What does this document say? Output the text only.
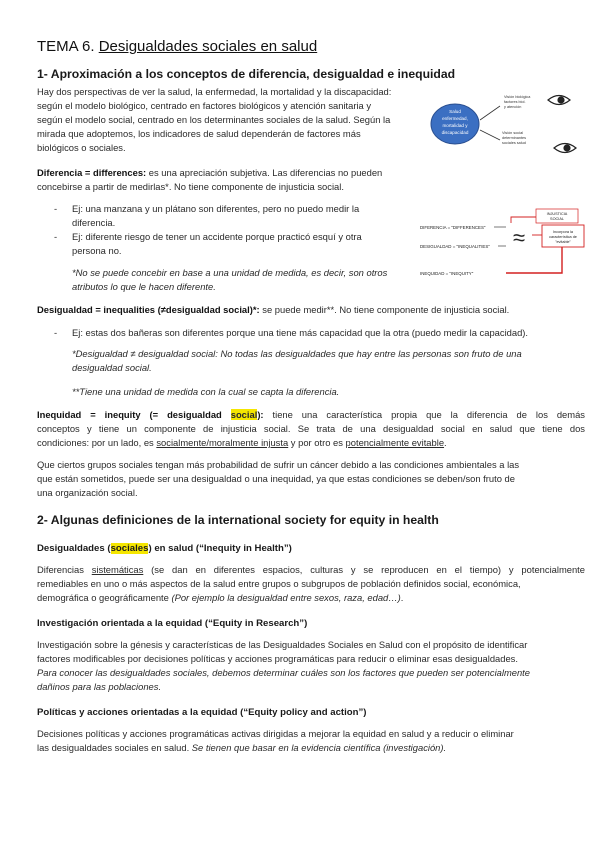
TEMA 6. Desigualdades sociales en salud
1- Aproximación a los conceptos de diferencia, desigualdad e inequidad
Hay dos perspectivas de ver la salud, la enfermedad, la mortalidad y la discapacidad:
según el modelo biológico, centrado en factores biológicos y atención sanitaria y
según el modelo social, centrado en los determinantes sociales de la salud. Según la
mirada que adoptemos, los indicadores de salud dependerán de factores más
biológicos o sociales.
Salud
enfermedad,
mortalidad y
discapacidad
Visión biológica
factores biol.
y atención
Visión social
determinantes
sociales salud
Diferencia = differences: es una apreciación subjetiva. Las diferencias no pueden
concebirse a partir de medirlas*. No tiene componente de injusticia social.
- Ej: una manzana y un plátano son diferentes, pero no puedo medir la
diferencia.
- Ej: diferente riesgo de tener un accidente porque practicó esquí y otra
persona no.
*No se puede concebir en base a una unidad de medida, es decir, son otros
atributos lo que le hacen diferente.
DIFERENCIA = "DIFFERENCES"
DESIGUALDAD = "INEQUALITIES"
INEQUIDAD = "INEQUITY"
≈
INJUSTICIA
SOCIAL
Incorpora la
característica de
"evitable"
Desigualdad = inequalities (≠desigualdad social)*: se puede medir**. No tiene componente de injusticia social.
- Ej: estas dos bañeras son diferentes porque una tiene más capacidad que la otra (puedo medir la capacidad).
*Desigualdad ≠ desigualdad social: No todas las desigualdades que hay entre las personas son fruto de una
desigualdad social.
**Tiene una unidad de medida con la cual se capta la diferencia.
Inequidad = inequity (= desigualdad social): tiene una característica propia que la diferencia de los demás
conceptos y tiene un componente de injusticia social. Se trata de una desigualdad social en salud que tiene dos
condiciones: por un lado, es socialmente/moralmente injusta y por otro es potencialmente evitable.
Que ciertos grupos sociales tengan más probabilidad de sufrir un cáncer debido a las condiciones ambientales a las
que están sometidos, puede ser una desigualdad o una inequidad, ya que estas condiciones se deben/son fruto de
una organización social.
2- Algunas definiciones de la international society for equity in health
Desigualdades (sociales) en salud (“Inequity in Health”)
Diferencias sistemáticas (se dan en diferentes espacios, culturas y se reproducen en el tiempo) y potencialmente
remediables en uno o más aspectos de la salud entre grupos o subgrupos de población definidos social, económica,
demográfica o geográficamente (Por ejemplo la desigualdad entre sexos, raza, edad…).
Investigación orientada a la equidad (“Equity in Research”)
Investigación sobre la génesis y características de las Desigualdades Sociales en Salud con el propósito de identificar
factores modificables por decisiones políticas y acciones programáticas para reducir o eliminar esas desigualdades.
Para conocer las desigualdades sociales, debemos determinar cuáles son los factores que pueden ser potencialmente
dañinos para las poblaciones.
Políticas y acciones orientadas a la equidad (“Equity policy and action”)
Decisiones políticas y acciones programáticas activas dirigidas a mejorar la equidad en salud y a reducir o eliminar
las desigualdades sociales en salud. Se tienen que basar en la evidencia científica (investigación).
